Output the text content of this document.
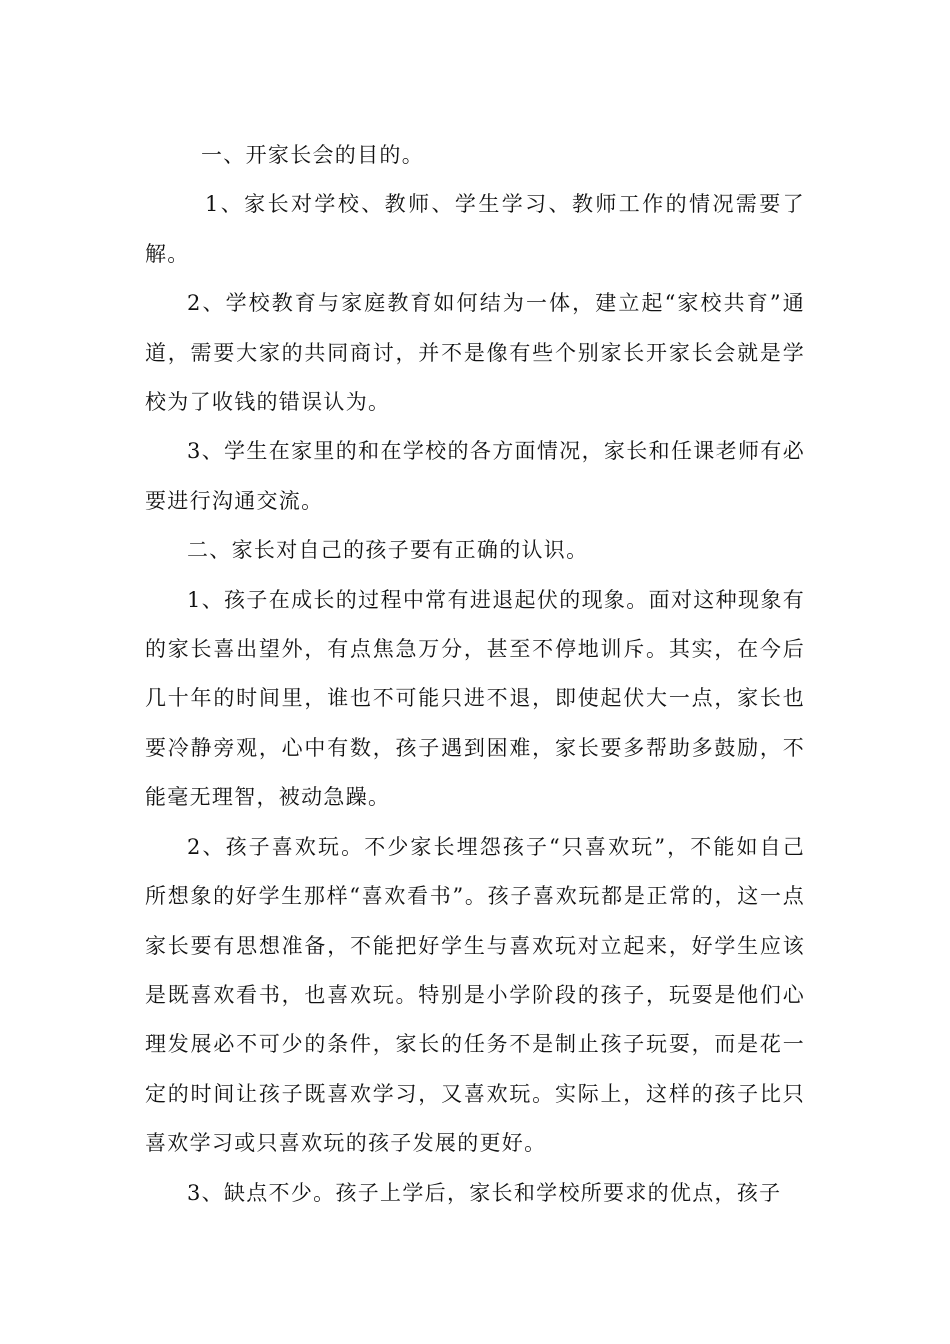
一、开家长会的目的。

1、家长对学校、教师、学生学习、教师工作的情况需要了解。

2、学校教育与家庭教育如何结为一体，建立起“家校共育”通道，需要大家的共同商讨，并不是像有些个别家长开家长会就是学校为了收钱的错误认为。

3、学生在家里的和在学校的各方面情况，家长和任课老师有必要进行沟通交流。

二、家长对自己的孩子要有正确的认识。

1、孩子在成长的过程中常有进退起伏的现象。面对这种现象有的家长喜出望外，有点焦急万分，甚至不停地训斥。其实，在今后几十年的时间里，谁也不可能只进不退，即使起伏大一点，家长也要冷静旁观，心中有数，孩子遇到困难，家长要多帮助多鼓励，不能毫无理智，被动急躁。

2、孩子喜欢玩。不少家长埋怨孩子“只喜欢玩”，不能如自己所想象的好学生那样“喜欢看书”。孩子喜欢玩都是正常的，这一点家长要有思想准备，不能把好学生与喜欢玩对立起来，好学生应该是既喜欢看书，也喜欢玩。特别是小学阶段的孩子，玩耍是他们心理发展必不可少的条件，家长的任务不是制止孩子玩耍，而是花一定的时间让孩子既喜欢学习，又喜欢玩。实际上，这样的孩子比只喜欢学习或只喜欢玩的孩子发展的更好。

3、缺点不少。孩子上学后，家长和学校所要求的优点，孩子
